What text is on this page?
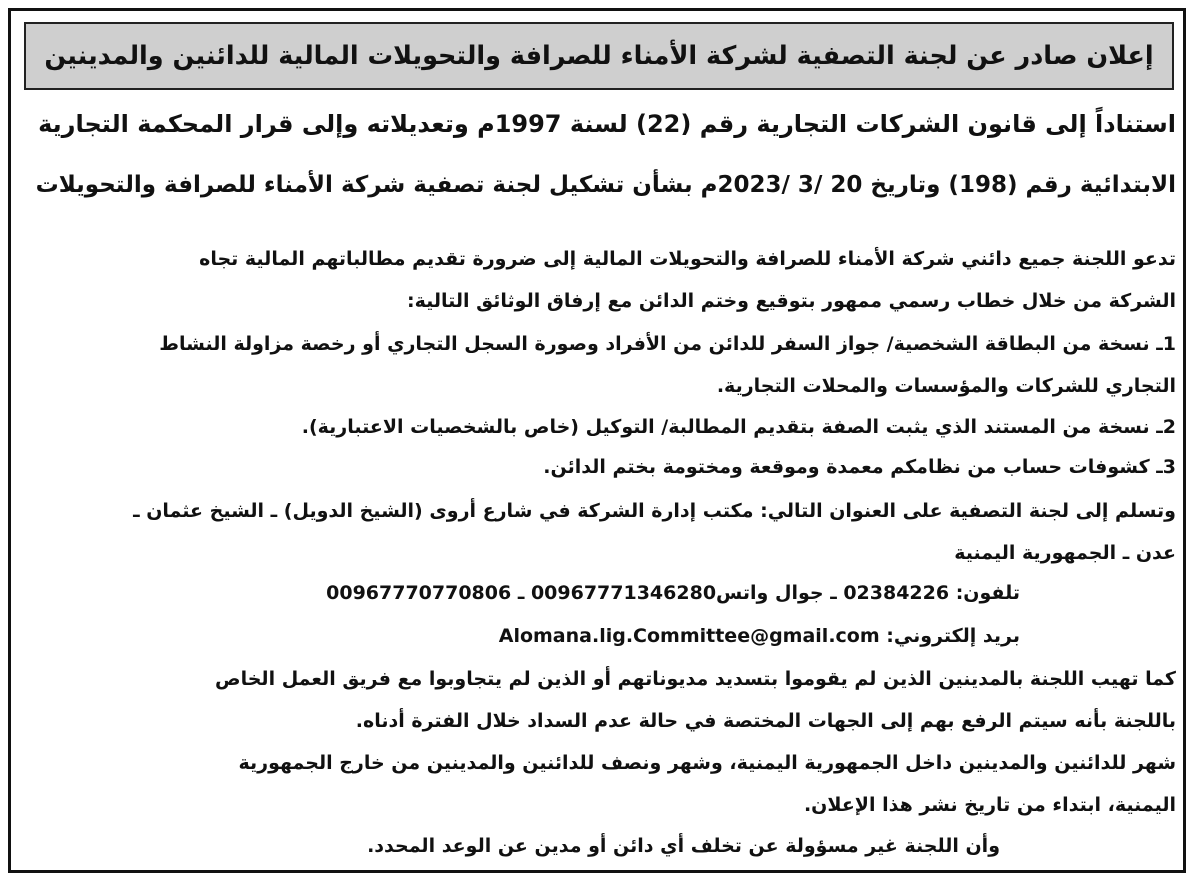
إعلان صادر عن لجنة التصفية لشركة الأمناء للصرافة والتحويلات المالية للدائنين والمدينين

استناداً إلى قانون الشركات التجارية رقم (22) لسنة 1997م وتعديلاته وإلى قرار المحكمة التجارية

الابتدائية رقم (198) وتاريخ 20 /3 /2023م بشأن تشكيل لجنة تصفية شركة الأمناء للصرافة والتحويلات

تدعو اللجنة جميع دائني شركة الأمناء للصرافة والتحويلات المالية إلى ضرورة تقديم مطالباتهم المالية تجاه

الشركة من خلال خطاب رسمي ممهور بتوقيع وختم الدائن مع إرفاق الوثائق التالية:

1ـ نسخة من البطاقة الشخصية/ جواز السفر للدائن من الأفراد وصورة السجل التجاري أو رخصة مزاولة النشاط

التجاري للشركات والمؤسسات والمحلات التجارية.

2ـ نسخة من المستند الذي يثبت الصفة بتقديم المطالبة/ التوكيل (خاص بالشخصيات الاعتبارية).

3ـ كشوفات حساب من نظامكم معمدة وموقعة ومختومة بختم الدائن.

وتسلم إلى لجنة التصفية على العنوان التالي: مكتب إدارة الشركة في شارع أروى (الشيخ الدويل) ـ الشيخ عثمان ـ

عدن ـ الجمهورية اليمنية

تلفون: 02384226 ـ جوال واتس00967771346280 ـ 00967770770806

بريد إلكتروني: Alomana.lig.Committee@gmail.com

كما تهيب اللجنة بالمدينين الذين لم يقوموا بتسديد مديوناتهم أو الذين لم يتجاوبوا مع فريق العمل الخاص

باللجنة بأنه سيتم الرفع بهم إلى الجهات المختصة في حالة عدم السداد خلال الفترة أدناه.

شهر للدائنين والمدينين داخل الجمهورية اليمنية، وشهر ونصف للدائنين والمدينين من خارج الجمهورية

اليمنية، ابتداء من تاريخ نشر هذا الإعلان.

وأن اللجنة غير مسؤولة عن تخلف أي دائن أو مدين عن الوعد المحدد.
